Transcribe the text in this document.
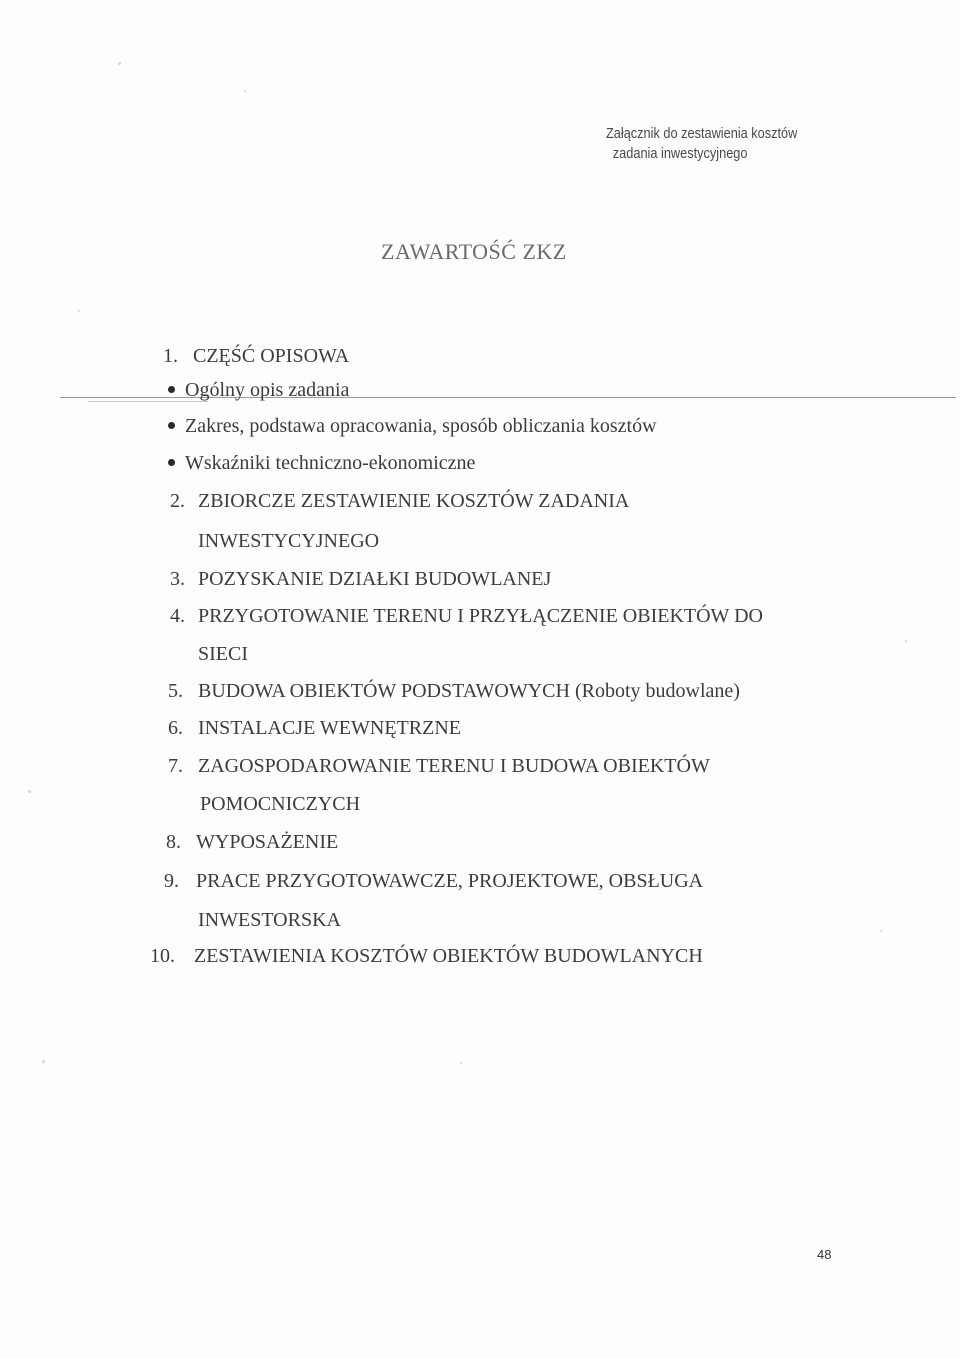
Załącznik do zestawienia kosztów
zadania inwestycyjnego
ZAWARTOŚĆ ZKZ
1. CZĘŚĆ OPISOWA
Ogólny opis zadania
Zakres, podstawa opracowania, sposób obliczania kosztów
Wskaźniki techniczno-ekonomiczne
2. ZBIORCZE ZESTAWIENIE KOSZTÓW ZADANIA
INWESTYCYJNEGO
3. POZYSKANIE DZIAŁKI BUDOWLANEJ
4. PRZYGOTOWANIE TERENU I PRZYŁĄCZENIE OBIEKTÓW DO
SIECI
5. BUDOWA OBIEKTÓW PODSTAWOWYCH (Roboty budowlane)
6. INSTALACJE WEWNĘTRZNE
7. ZAGOSPODAROWANIE TERENU I BUDOWA OBIEKTÓW
POMOCNICZYCH
8. WYPOSAŻENIE
9. PRACE PRZYGOTOWAWCZE, PROJEKTOWE, OBSŁUGA
INWESTORSKA
10. ZESTAWIENIA KOSZTÓW OBIEKTÓW BUDOWLANYCH
48
